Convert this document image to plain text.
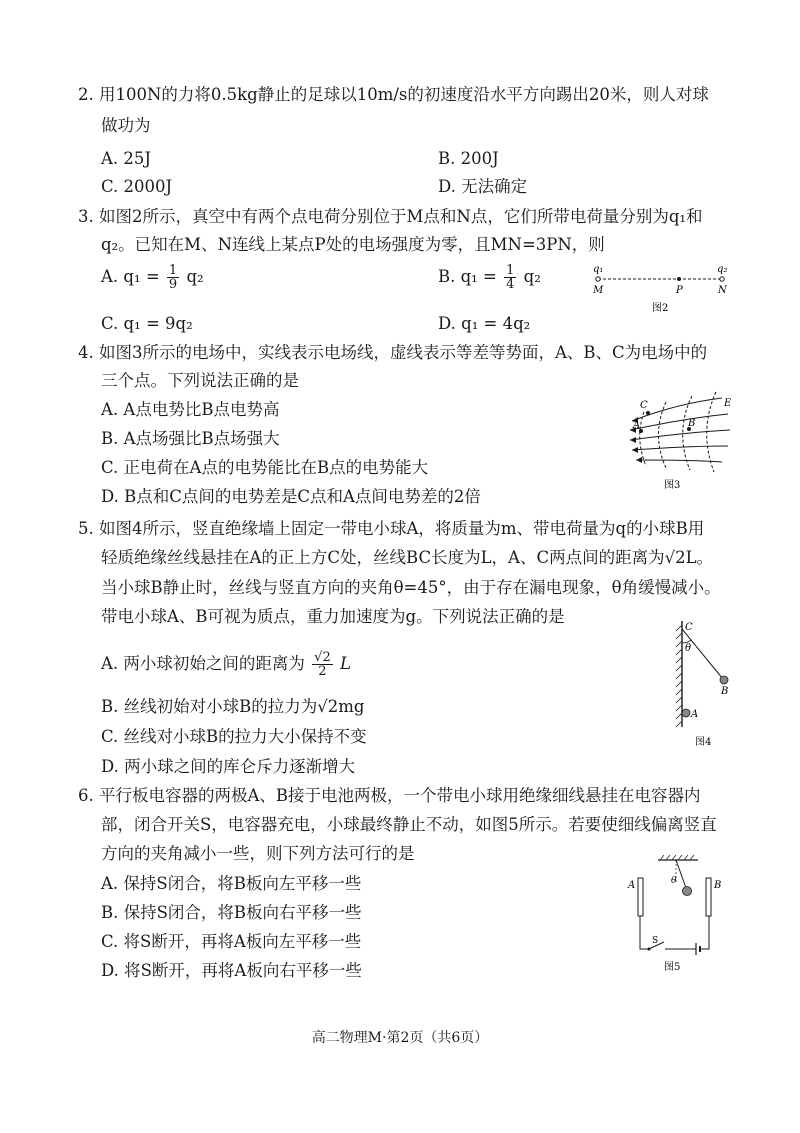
2. 用100N的力将0.5kg静止的足球以10m/s的初速度沿水平方向踢出20米，则人对球
做功为
A. 25J	B. 200J
C. 2000J	D. 无法确定
3. 如图2所示，真空中有两个点电荷分别位于M点和N点，它们所带电荷量分别为q₁和
q₂。已知在M、N连线上某点P处的电场强度为零，且MN=3PN，则
A. $q_1 = \frac{1}{9} q_2$	B. $q_1 = \frac{1}{4} q_2$
C. q₁ = 9q₂	D. q₁ = 4q₂
q₁	q₂
M	P	N
图2
4. 如图3所示的电场中，实线表示电场线，虚线表示等差等势面，A、B、C为电场中的
三个点。下列说法正确的是
A. A点电势比B点电势高
B. A点场强比B点场强大
C. 正电荷在A点的电势能比在B点的电势能大
D. B点和C点间的电势差是C点和A点间电势差的2倍
C
A	B
E
图3
5. 如图4所示，竖直绝缘墙上固定一带电小球A，将质量为m、带电荷量为q的小球B用
轻质绝缘丝线悬挂在A的正上方C处，丝线BC长度为L，A、C两点间的距离为√2L。
当小球B静止时，丝线与竖直方向的夹角θ=45°，由于存在漏电现象，θ角缓慢减小。
带电小球A、B可视为质点，重力加速度为g。下列说法正确的是
A. 两小球初始之间的距离为 $\frac{√2}{2}$ L
B. 丝线初始对小球B的拉力为√2mg
C. 丝线对小球B的拉力大小保持不变
D. 两小球之间的库仑斥力逐渐增大
C
θ
B
A
图4
6. 平行板电容器的两极A、B接于电池两极，一个带电小球用绝缘细线悬挂在电容器内
部，闭合开关S，电容器充电，小球最终静止不动，如图5所示。若要使细线偏离竖直
方向的夹角减小一些，则下列方法可行的是
A. 保持S闭合，将B板向左平移一些
B. 保持S闭合，将B板向右平移一些
C. 将S断开，再将A板向左平移一些
D. 将S断开，再将A板向右平移一些
θ
A	B
S
图5
高二物理M·第2页（共6页）
